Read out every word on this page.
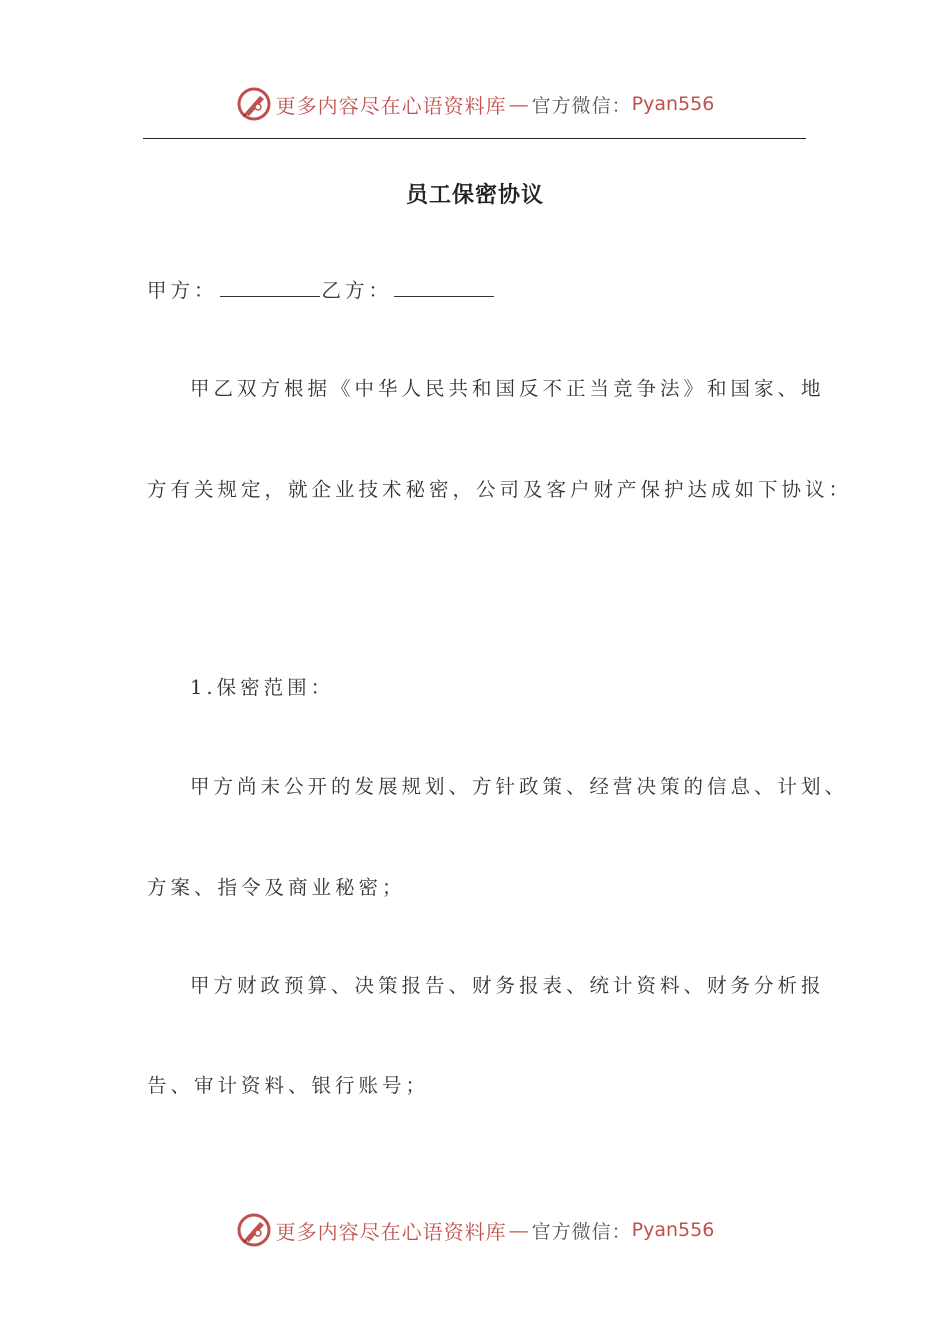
更多内容尽在心语资料库 — 官方微信： Pyan556
员工保密协议
甲方：	乙方：
甲乙双方根据《中华人民共和国反不正当竞争法》和国家、地
方有关规定，就企业技术秘密，公司及客户财产保护达成如下协议：
1.保密范围：
甲方尚未公开的发展规划、方针政策、经营决策的信息、计划、
方案、指令及商业秘密；
甲方财政预算、决策报告、财务报表、统计资料、财务分析报
告、审计资料、银行账号；
更多内容尽在心语资料库 — 官方微信： Pyan556
